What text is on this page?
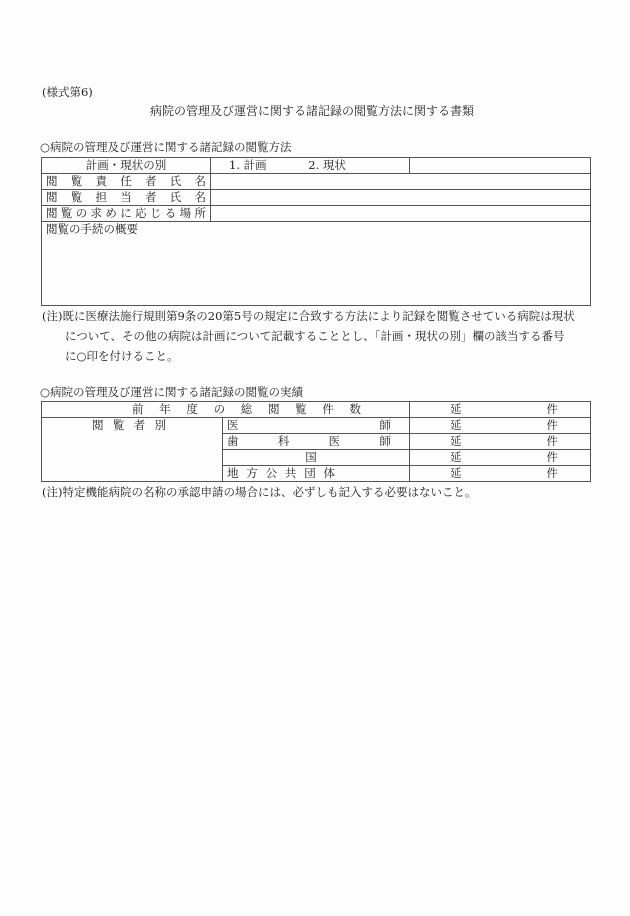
(様式第6)
病院の管理及び運営に関する諸記録の閲覧方法に関する書類
○病院の管理及び運営に関する諸記録の閲覧方法
計画・現状の別	1. 計画 2. 現状	

閲 覧 責 任 者 氏 名

閲 覧 担 当 者 氏 名

閲 覧 の 求 め に 応 じ る 場 所

閲覧の手続の概要		
(注)既に医療法施行規則第9条の20第5号の規定に合致する方法により記録を閲覧させている病院は現状
について、その他の病院は計画について記載することとし、「計画・現状の別」欄の該当する番号
に○印を付けること。
○病院の管理及び運営に関する諸記録の閲覧の実績
前 年 度 の 総 閲 覧 件 数	延	件

閲 覧 者 別	医 師	延 件

	歯 科 医 師	延 件

	国	延 件

地 方 公 共 団 体	延	件
(注)特定機能病院の名称の承認申請の場合には、必ずしも記入する必要はないこと。
